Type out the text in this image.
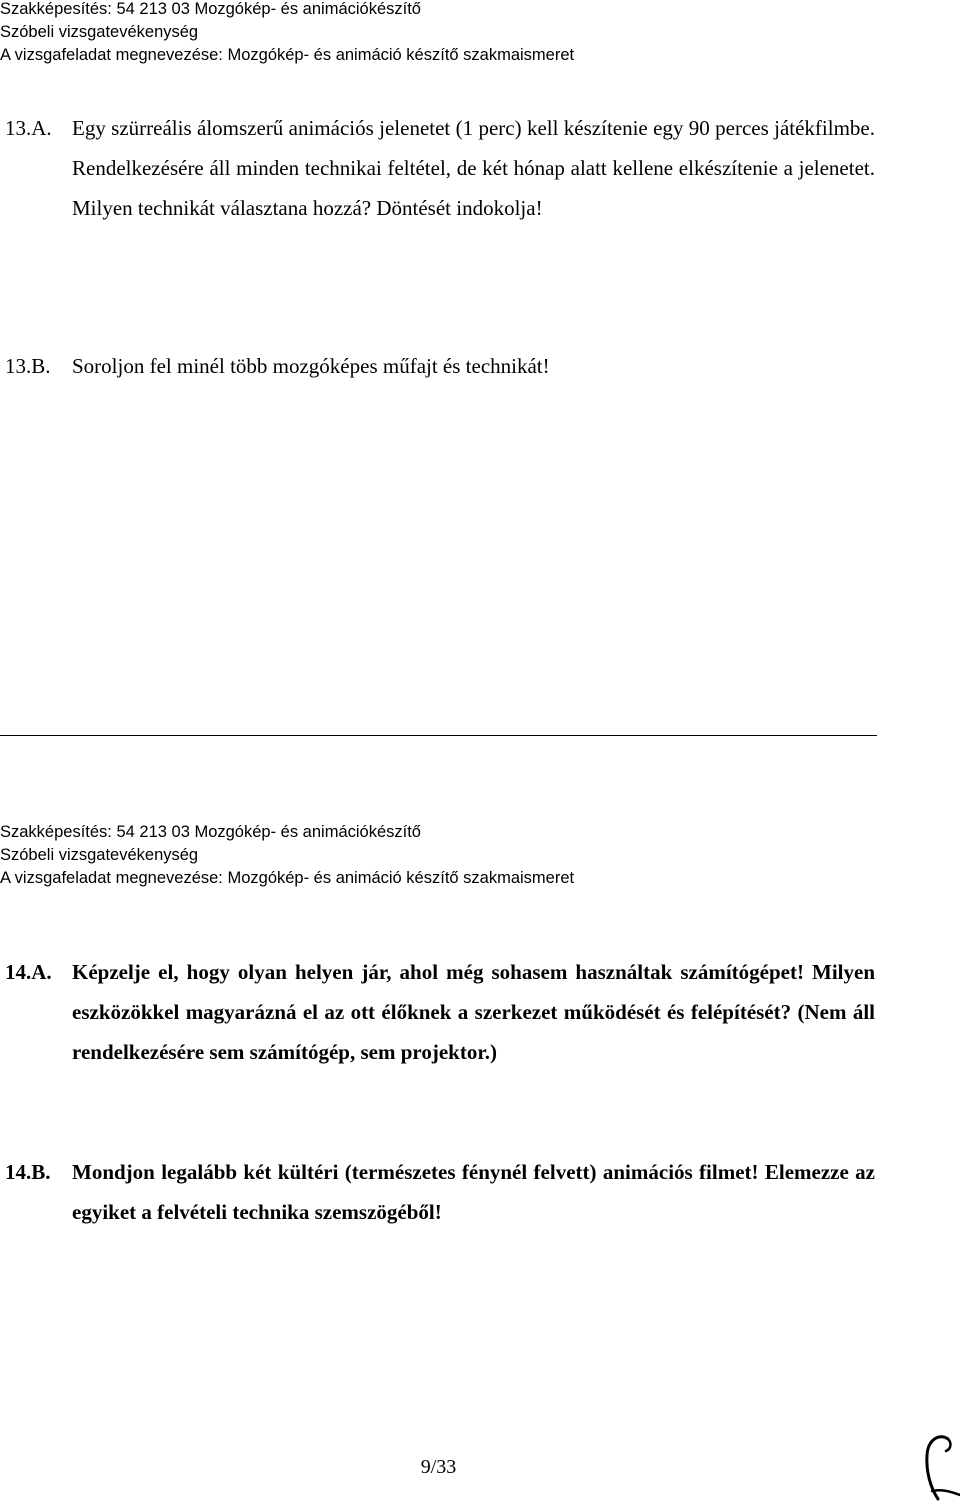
Szakképesítés: 54 213 03 Mozgókép- és animációkészítő
Szóbeli vizsgatevékenység
A vizsgafeladat megnevezése: Mozgókép- és animáció készítő szakmaismeret
13.A. Egy szürreális álomszerű animációs jelenetet (1 perc) kell készítenie egy 90 perces játékfilmbe. Rendelkezésére áll minden technikai feltétel, de két hónap alatt kellene elkészítenie a jelenetet. Milyen technikát választana hozzá? Döntését indokolja!
13.B. Soroljon fel minél több mozgóképes műfajt és technikát!
Szakképesítés: 54 213 03 Mozgókép- és animációkészítő
Szóbeli vizsgatevékenység
A vizsgafeladat megnevezése: Mozgókép- és animáció készítő szakmaismeret
14.A. Képzelje el, hogy olyan helyen jár, ahol még sohasem használtak számítógépet! Milyen eszközökkel magyarázná el az ott élőknek a szerkezet működését és felépítését? (Nem áll rendelkezésére sem számítógép, sem projektor.)
14.B. Mondjon legalább két kültéri (természetes fénynél felvett) animációs filmet! Elemezze az egyiket a felvételi technika szemszögéből!
9/33
